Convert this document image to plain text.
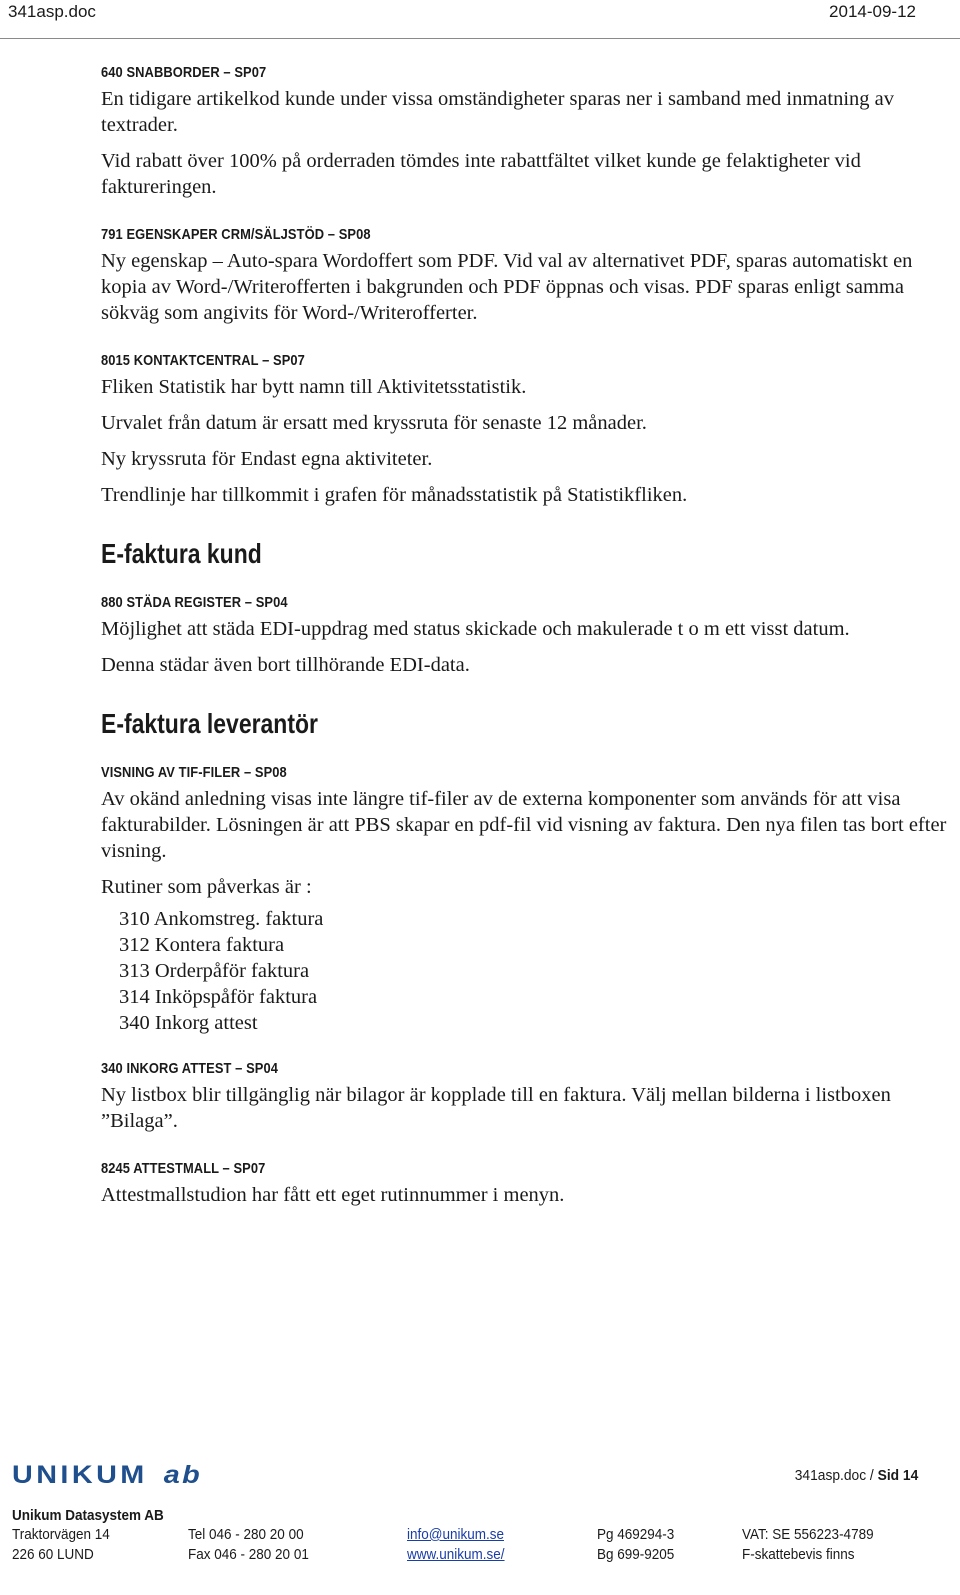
341asp.doc	2014-09-12
640 SNABBORDER – SP07

En tidigare artikelkod kunde under vissa omständigheter sparas ner i samband med inmatning av textrader.

Vid rabatt över 100% på orderraden tömdes inte rabattfältet vilket kunde ge felaktigheter vid faktureringen.

791 EGENSKAPER CRM/SÄLJSTÖD – SP08

Ny egenskap – Auto-spara Wordoffert som PDF. Vid val av alternativet PDF, sparas automatiskt en kopia av Word-/Writerofferten i bakgrunden och PDF öppnas och visas. PDF sparas enligt samma sökväg som angivits för Word-/Writerofferter.

8015 KONTAKTCENTRAL – SP07

Fliken Statistik har bytt namn till Aktivitetsstatistik.

Urvalet från datum är ersatt med kryssruta för senaste 12 månader.

Ny kryssruta för Endast egna aktiviteter.

Trendlinje har tillkommit i grafen för månadsstatistik på Statistikfliken.

E-faktura kund
880 STÄDA REGISTER – SP04

Möjlighet att städa EDI-uppdrag med status skickade och makulerade t o m ett visst datum.

Denna städar även bort tillhörande EDI-data.

E-faktura leverantör
VISNING AV TIF-FILER – SP08

Av okänd anledning visas inte längre tif-filer av de externa komponenter som används för att visa fakturabilder. Lösningen är att PBS skapar en pdf-fil vid visning av faktura. Den nya filen tas bort efter visning.

Rutiner som påverkas är :

310 Ankomstreg. faktura
312 Kontera faktura
313 Orderpåför faktura
314 Inköpspåför faktura
340 Inkorg attest
340 INKORG ATTEST – SP04

Ny listbox blir tillgänglig när bilagor är kopplade till en faktura. Välj mellan bilderna i listboxen ”Bilaga”.

8245 ATTESTMALL – SP07

Attestmallstudion har fått ett eget rutinnummer i menyn.

UNIKUM ab	341asp.doc / Sid 14
Unikum Datasystem AB
Traktorvägen 14	Tel 046 - 280 20 00	info@unikum.se	Pg 469294-3	VAT: SE 556223-4789
226 60 LUND	Fax 046 - 280 20 01	www.unikum.se/	Bg 699-9205	F-skattebevis finns
